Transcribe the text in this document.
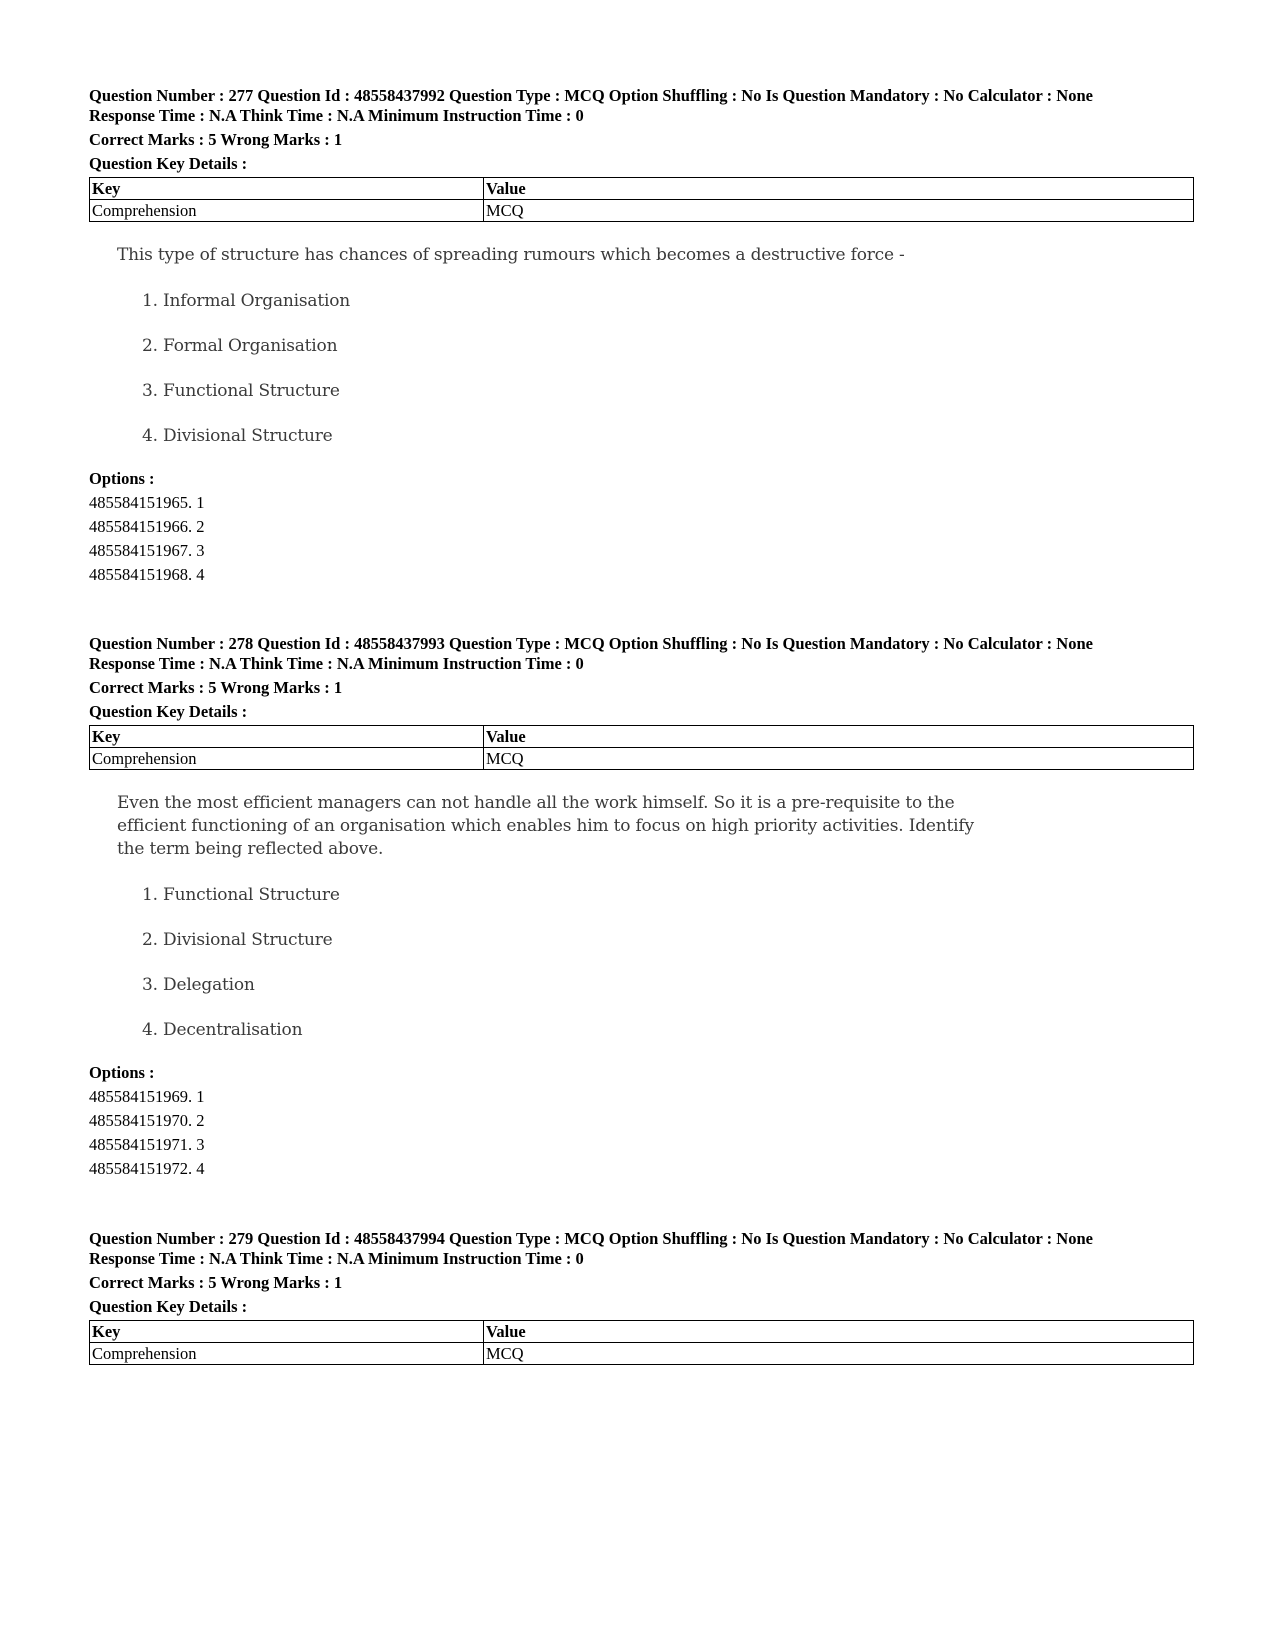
Question Number : 277 Question Id : 48558437992 Question Type : MCQ Option Shuffling : No Is Question Mandatory : No Calculator : None
Response Time : N.A Think Time : N.A Minimum Instruction Time : 0
Correct Marks : 5 Wrong Marks : 1
Question Key Details :
Key	Value
Comprehension	MCQ
This type of structure has chances of spreading rumours which becomes a destructive force -
1. Informal Organisation
2. Formal Organisation
3. Functional Structure
4. Divisional Structure
Options :
485584151965. 1
485584151966. 2
485584151967. 3
485584151968. 4
Question Number : 278 Question Id : 48558437993 Question Type : MCQ Option Shuffling : No Is Question Mandatory : No Calculator : None
Response Time : N.A Think Time : N.A Minimum Instruction Time : 0
Correct Marks : 5 Wrong Marks : 1
Question Key Details :
Key	Value
Comprehension	MCQ
Even the most efficient managers can not handle all the work himself. So it is a pre-requisite to the efficient functioning of an organisation which enables him to focus on high priority activities. Identify the term being reflected above.
1. Functional Structure
2. Divisional Structure
3. Delegation
4. Decentralisation
Options :
485584151969. 1
485584151970. 2
485584151971. 3
485584151972. 4
Question Number : 279 Question Id : 48558437994 Question Type : MCQ Option Shuffling : No Is Question Mandatory : No Calculator : None
Response Time : N.A Think Time : N.A Minimum Instruction Time : 0
Correct Marks : 5 Wrong Marks : 1
Question Key Details :
Key	Value
Comprehension	MCQ
